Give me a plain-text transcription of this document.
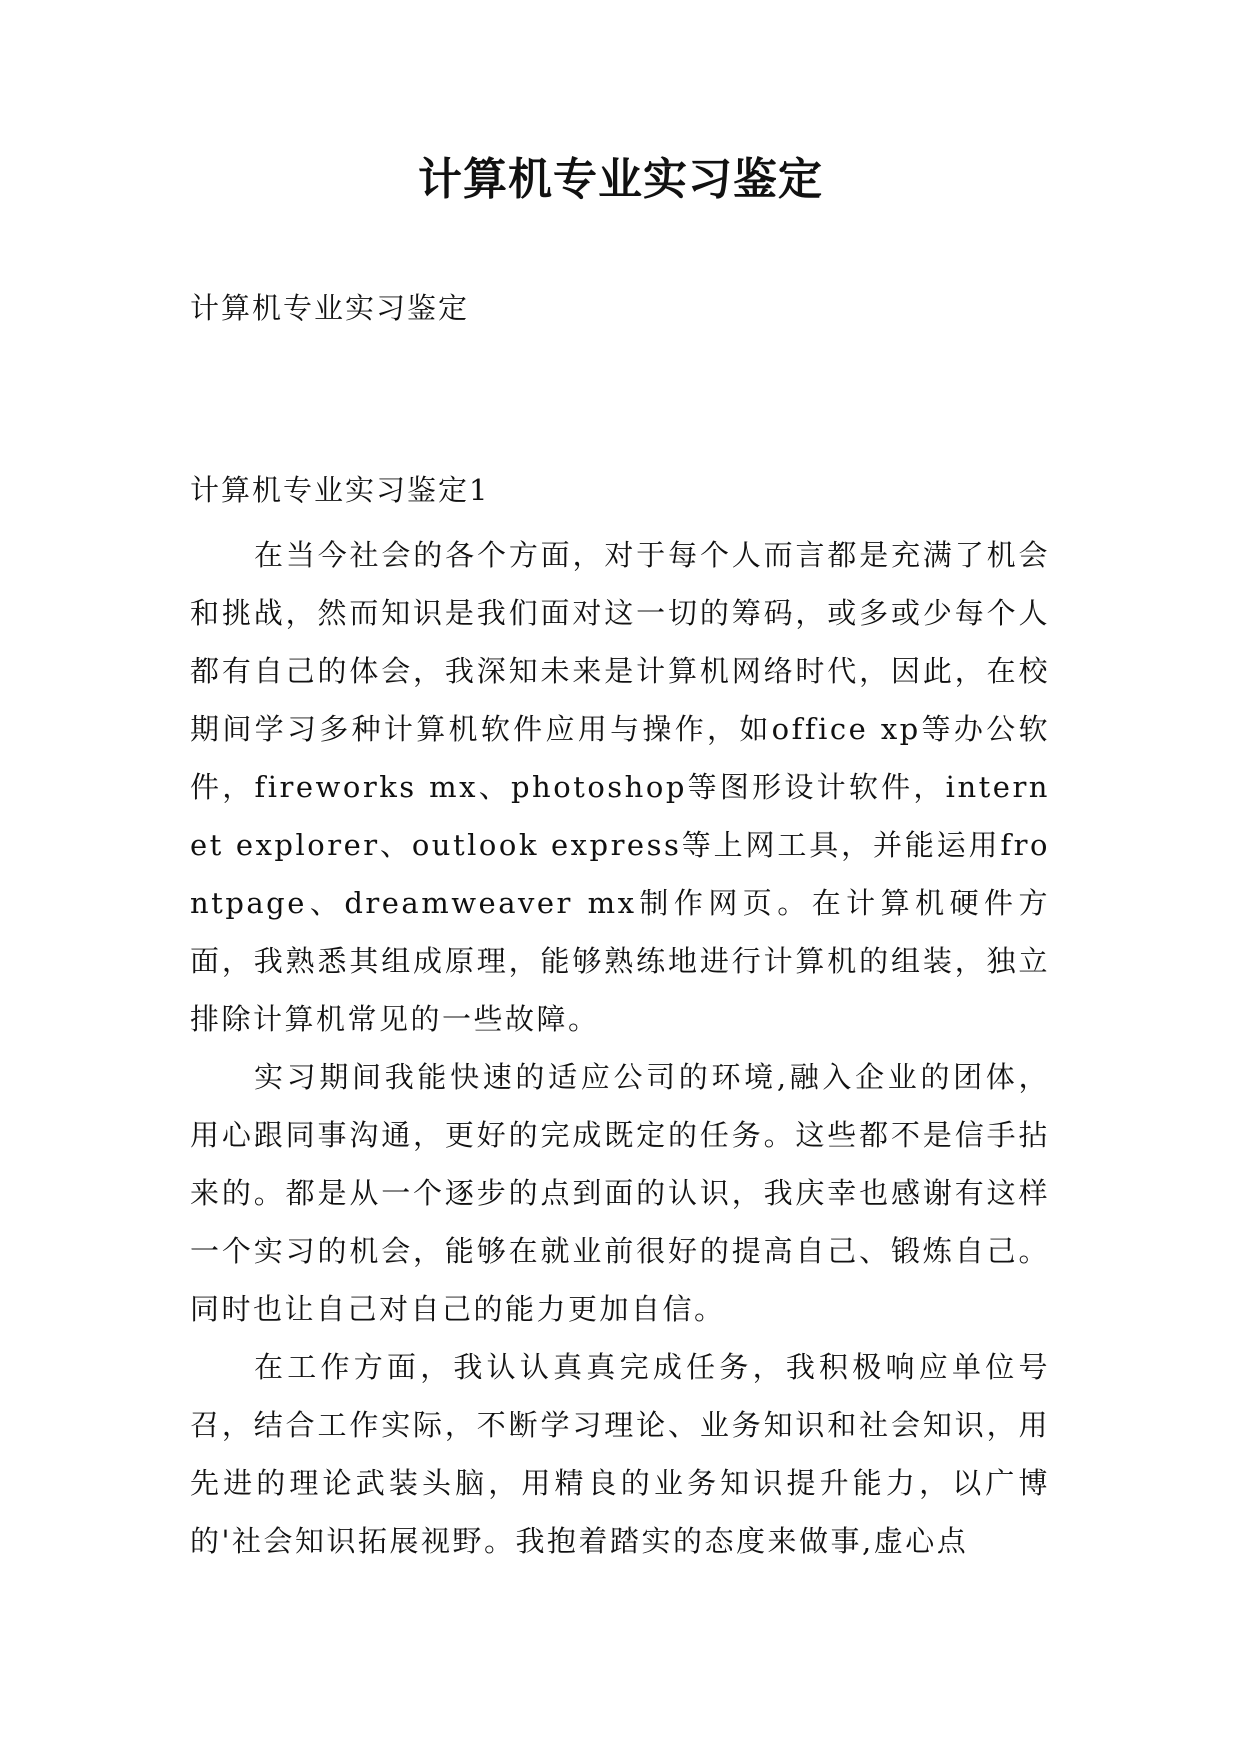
计算机专业实习鉴定

计算机专业实习鉴定

计算机专业实习鉴定1

在当今社会的各个方面，对于每个人而言都是充满了机会和挑战，然而知识是我们面对这一切的筹码，或多或少每个人都有自己的体会，我深知未来是计算机网络时代，因此，在校期间学习多种计算机软件应用与操作，如office xp等办公软件，fireworks mx、photoshop等图形设计软件，internet explorer、outlook express等上网工具，并能运用frontpage、dreamweaver mx制作网页。在计算机硬件方面，我熟悉其组成原理，能够熟练地进行计算机的组装，独立排除计算机常见的一些故障。

实习期间我能快速的适应公司的环境,融入企业的团体，用心跟同事沟通，更好的完成既定的任务。这些都不是信手拈来的。都是从一个逐步的点到面的认识，我庆幸也感谢有这样一个实习的机会，能够在就业前很好的提高自己、锻炼自己。同时也让自己对自己的能力更加自信。

在工作方面，我认认真真完成任务，我积极响应单位号召，结合工作实际，不断学习理论、业务知识和社会知识，用先进的理论武装头脑，用精良的业务知识提升能力，以广博的'社会知识拓展视野。我抱着踏实的态度来做事,虚心点
